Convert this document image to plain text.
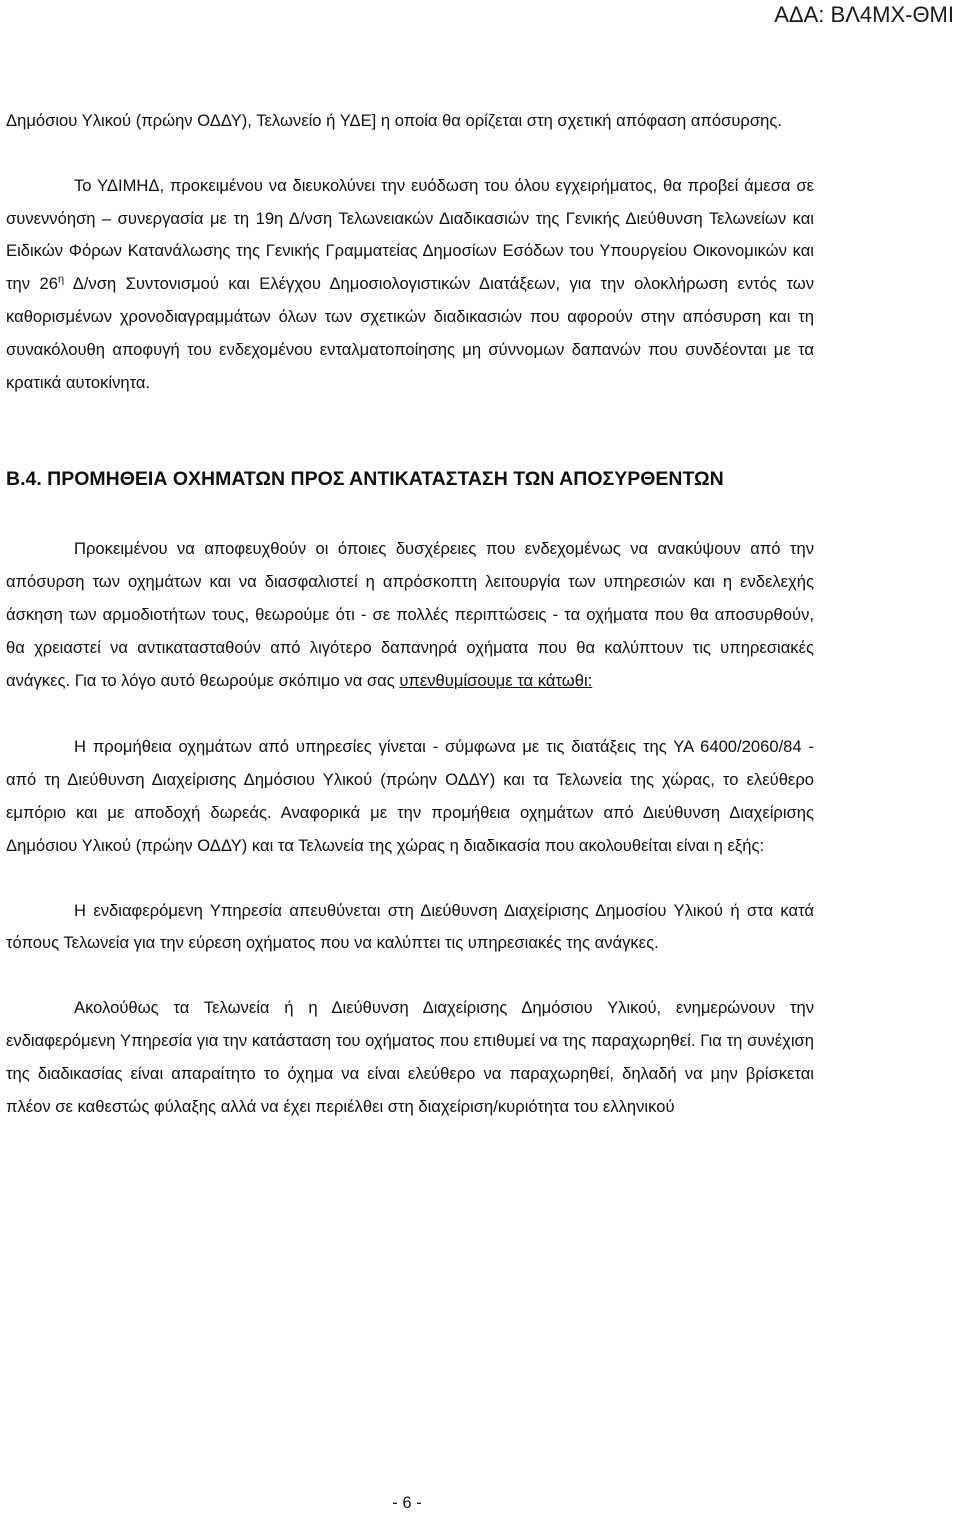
ΑΔΑ: ΒΛ4ΜΧ-ΘΜΙ

Δημόσιου Υλικού (πρώην ΟΔΔΥ), Τελωνείο ή ΥΔΕ] η οποία θα ορίζεται στη σχετική απόφαση απόσυρσης.

Το ΥΔΙΜΗΔ, προκειμένου να διευκολύνει την ευόδωση του όλου εγχειρήματος, θα προβεί άμεσα σε συνεννόηση – συνεργασία με τη 19η Δ/νση Τελωνειακών Διαδικασιών της Γενικής Διεύθυνση Τελωνείων και Ειδικών Φόρων Κατανάλωσης της Γενικής Γραμματείας Δημοσίων Εσόδων του Υπουργείου Οικονομικών και την $26^\eta$ Δ/νση Συντονισμού και Ελέγχου Δημοσιολογιστικών Διατάξεων, για την ολοκλήρωση εντός των καθορισμένων χρονοδιαγραμμάτων όλων των σχετικών διαδικασιών που αφορούν στην απόσυρση και τη συνακόλουθη αποφυγή του ενδεχομένου ενταλματοποίησης μη σύννομων δαπανών που συνδέονται με τα κρατικά αυτοκίνητα.

Β.4. ΠΡΟΜΗΘΕΙΑ ΟΧΗΜΑΤΩΝ ΠΡΟΣ ΑΝΤΙΚΑΤΑΣΤΑΣΗ ΤΩΝ ΑΠΟΣΥΡΘΕΝΤΩΝ

Προκειμένου να αποφευχθούν οι όποιες δυσχέρειες που ενδεχομένως να ανακύψουν από την απόσυρση των οχημάτων και να διασφαλιστεί η απρόσκοπτη λειτουργία των υπηρεσιών και η ενδελεχής άσκηση των αρμοδιοτήτων τους, θεωρούμε ότι - σε πολλές περιπτώσεις - τα οχήματα που θα αποσυρθούν, θα χρειαστεί να αντικατασταθούν από λιγότερο δαπανηρά οχήματα που θα καλύπτουν τις υπηρεσιακές ανάγκες. Για το λόγο αυτό θεωρούμε σκόπιμο να σας υπενθυμίσουμε τα κάτωθι:

Η προμήθεια οχημάτων από υπηρεσίες γίνεται - σύμφωνα με τις διατάξεις της ΥΑ 6400/2060/84 - από τη Διεύθυνση Διαχείρισης Δημόσιου Υλικού (πρώην ΟΔΔΥ) και τα Τελωνεία της χώρας, το ελεύθερο εμπόριο και με αποδοχή δωρεάς. Αναφορικά με την προμήθεια οχημάτων από Διεύθυνση Διαχείρισης Δημόσιου Υλικού (πρώην ΟΔΔΥ) και τα Τελωνεία της χώρας η διαδικασία που ακολουθείται είναι η εξής:

Η ενδιαφερόμενη Υπηρεσία απευθύνεται στη Διεύθυνση Διαχείρισης Δημοσίου Υλικού ή στα κατά τόπους Τελωνεία για την εύρεση οχήματος που να καλύπτει τις υπηρεσιακές της ανάγκες.

Ακολούθως τα Τελωνεία ή η Διεύθυνση Διαχείρισης Δημόσιου Υλικού, ενημερώνουν την ενδιαφερόμενη Υπηρεσία για την κατάσταση του οχήματος που επιθυμεί να της παραχωρηθεί. Για τη συνέχιση της διαδικασίας είναι απαραίτητο το όχημα να είναι ελεύθερο να παραχωρηθεί, δηλαδή να μην βρίσκεται πλέον σε καθεστώς φύλαξης αλλά να έχει περιέλθει στη διαχείριση/κυριότητα του ελληνικού

- 6 -
